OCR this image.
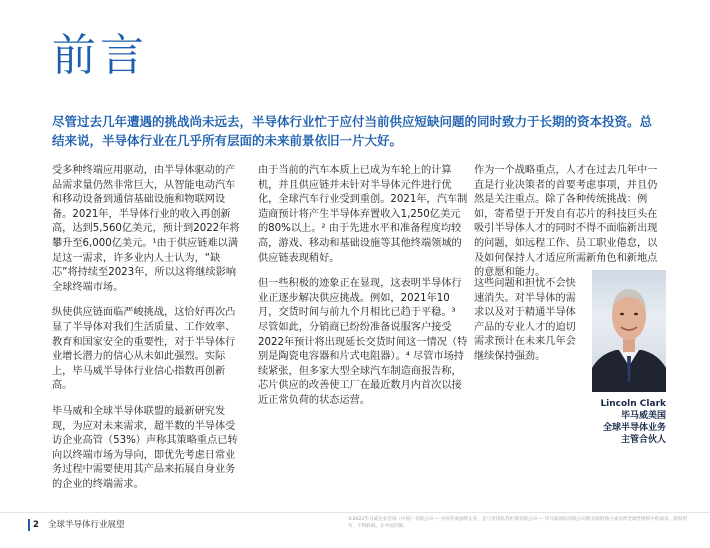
前言
尽管过去几年遭遇的挑战尚未远去，半导体行业忙于应付当前供应短缺问题的同时致力于长期的资本投资。总结来说，半导体行业在几乎所有层面的未来前景依旧一片大好。

受多种终端应用驱动，由半导体驱动的产品需求量仍然非常巨大，从智能电动汽车和移动设备到通信基础设施和物联网设备。2021年，半导体行业的收入再创新高，达到5,560亿美元，预计到2022年将攀升至6,000亿美元。¹由于供应链难以满足这一需求，许多业内人士认为，“缺芯”将持续至2023年，所以这将继续影响全球终端市场。

纵使供应链面临严峻挑战，这恰好再次凸显了半导体对我们生活质量、工作效率、教育和国家安全的重要性，对于半导体行业增长潜力的信心从未如此强烈。实际上，毕马威半导体行业信心指数再创新高。

毕马威和全球半导体联盟的最新研究发现，为应对未来需求，超半数的半导体受访企业高管（53%）声称其策略重点已转向以终端市场为导向，即优先考虑日常业务过程中需要使用其产品来拓展自身业务的企业的终端需求。

由于当前的汽车本质上已成为车轮上的计算机，并且供应链并未针对半导体元件进行优化，全球汽车行业受到重创。2021年，汽车制造商预计将产生半导体弃置收入1,250亿美元的80%以上。² 由于先进水平和准备程度均较高，游戏、移动和基础设施等其他终端领域的供应链表现稍好。

但一些积极的迹象正在显现，这表明半导体行业正逐步解决供应挑战。例如，2021年10月，交货时间与前九个月相比已趋于平稳。³ 尽管如此，分销商已纷纷准备说服客户接受2022年预计将出现延长交货时间这一情况（特别是陶瓷电容器和片式电阻器）。⁴ 尽管市场持续紧张，但多家大型全球汽车制造商报告称，芯片供应的改善使工厂在最近数月内首次以接近正常负荷的状态运营。

作为一个战略重点，人才在过去几年中一直是行业决策者的首要考虑事项，并且仍然是关注重点。除了各种传统挑战：例如，寄希望于开发自有芯片的科技巨头在吸引半导体人才的同时不得不面临新出现的问题，如远程工作、员工职业倦怠，以及如何保持人才适应所需新角色和新地点的意愿和能力。

这些问题和担忧不会快速消失。对半导体的需求以及对于精通半导体产品的专业人才的迫切需求预计在未来几年会继续保持强劲。

Lincoln Clark
毕马威美国
全球半导体业务
主管合伙人
2	全球半导体行业展望
©2022毕马威企业咨询（中国）有限公司 — 中国外商独资企业，是与英国私营担保有限公司 — 毕马威国际有限公司相关联的独立成员所全球性组织中的成员。版权所有，不得转载。在中国印制。
